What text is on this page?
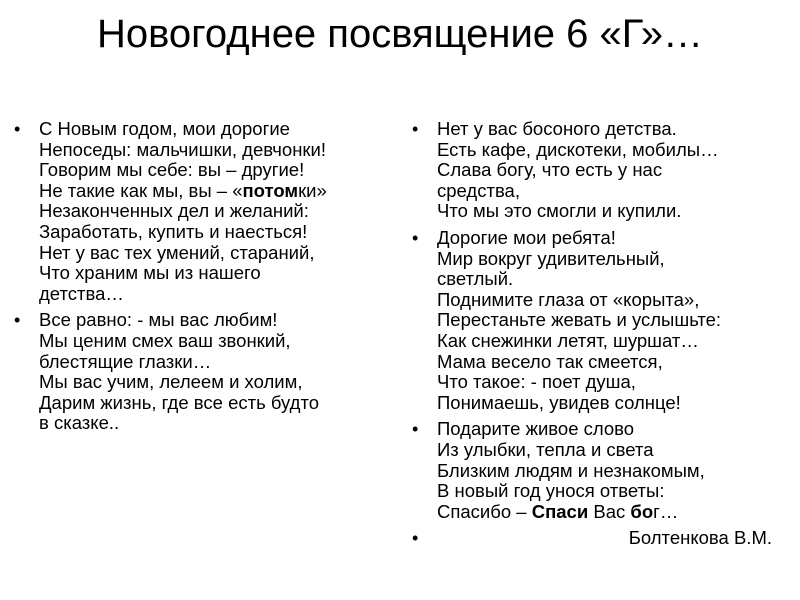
Новогоднее посвящение 6 «Г»…
• С Новым годом, мои дорогие
Непоседы: мальчишки, девчонки!
Говорим мы себе: вы – другие!
Не такие как мы, вы – «потомки»
Незаконченных дел и желаний:
Заработать, купить и наесться!
Нет у вас тех умений, стараний,
Что храним мы из нашего
детства…
• Все равно: - мы вас любим!
Мы ценим смех ваш звонкий,
блестящие глазки…
Мы вас учим, лелеем и холим,
Дарим жизнь, где все есть будто
в сказке..
• Нет у вас босоного детства.
Есть кафе, дискотеки, мобилы…
Слава богу, что есть у нас
средства,
Что мы это смогли и купили.
• Дорогие мои ребята!
Мир вокруг удивительный,
светлый.
Поднимите глаза от «корыта»,
Перестаньте жевать и услышьте:
Как снежинки летят, шуршат…
Мама весело так смеется,
Что такое: - поет душа,
Понимаешь, увидев солнце!
• Подарите живое слово
Из улыбки, тепла и света
Близким людям и незнакомым,
В новый год унося ответы:
Спасибо – Спаси Вас бог…
• Болтенкова В.М.
